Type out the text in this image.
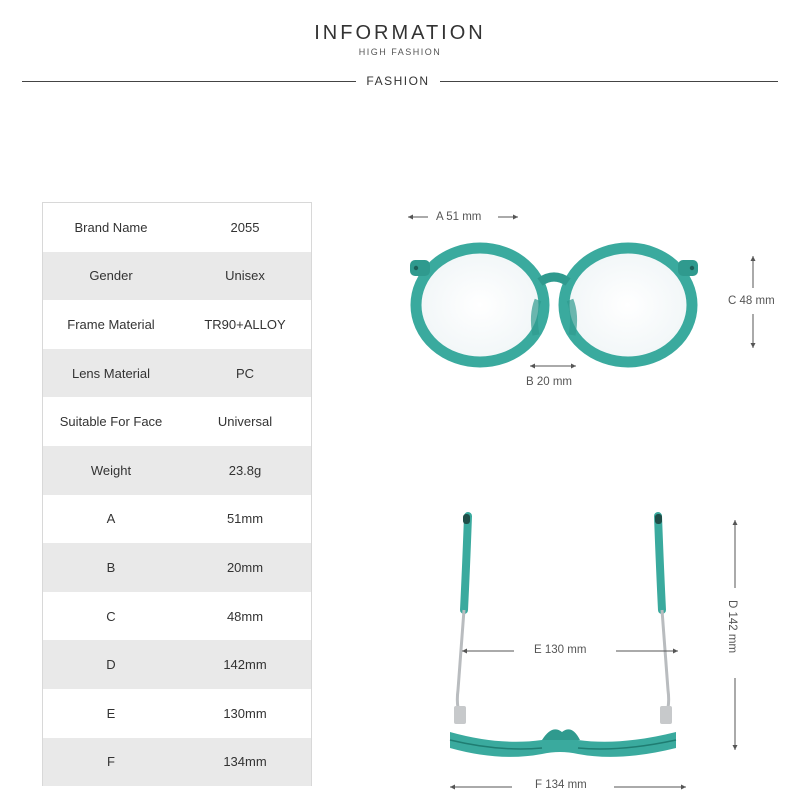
INFORMATION
HIGH FASHION
FASHION
Brand Name	2055
Gender	Unisex
Frame Material	TR90+ALLOY
Lens Material	PC
Suitable For Face	Universal
Weight	23.8g
A	51mm
B	20mm
C	48mm
D	142mm
E	130mm
F	134mm
A 51 mm
B 20 mm
C 48 mm
D 142 mm
E 130 mm
F 134 mm
